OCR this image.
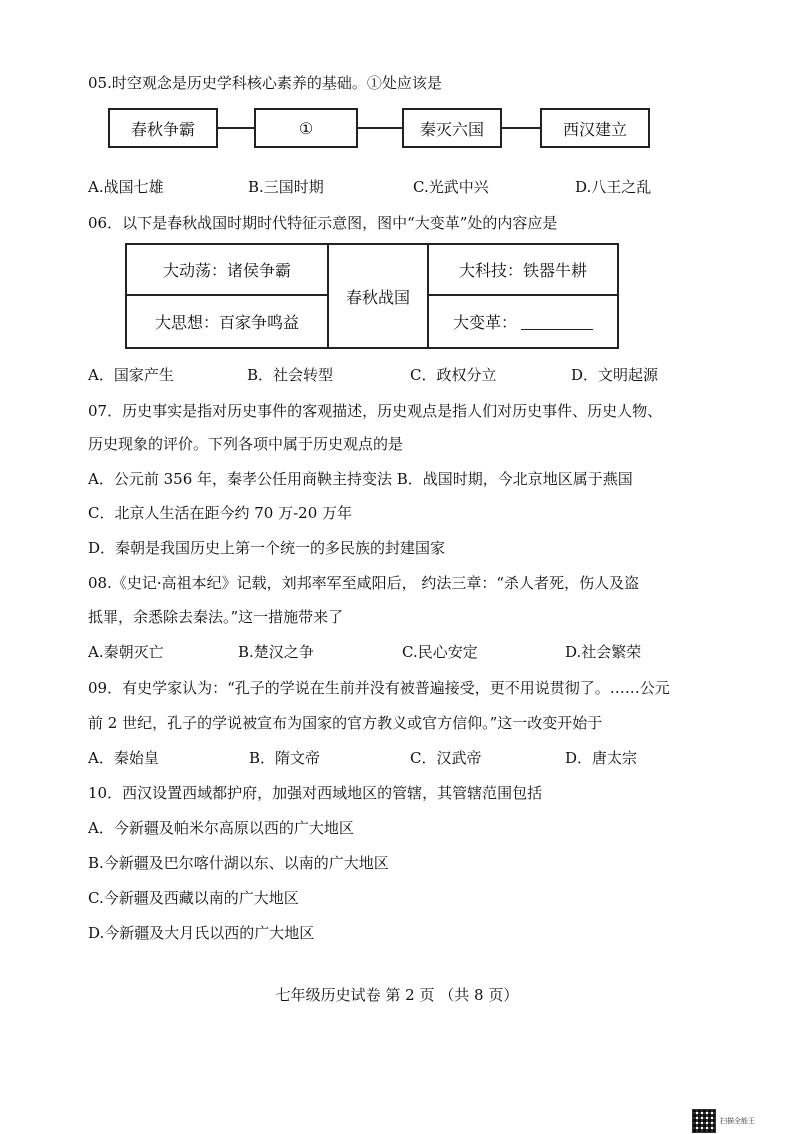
05.时空观念是历史学科核心素养的基础。①处应该是
春秋争霸	①	秦灭六国	西汉建立
A.战国七雄	B.三国时期	C.光武中兴	D.八王之乱
06．以下是春秋战国时期时代特征示意图，图中“大变革”处的内容应是
大动荡：诸侯争霸
大思想：百家争鸣益
春秋战国
大科技：铁器牛耕
大变革：
A．国家产生	B．社会转型	C．政权分立	D．文明起源
07．历史事实是指对历史事件的客观描述，历史观点是指人们对历史事件、历史人物、
历史现象的评价。下列各项中属于历史观点的是
A．公元前 356 年，秦孝公任用商鞅主持变法 B．战国时期，今北京地区属于燕国
C．北京人生活在距今约 70 万-20 万年
D．秦朝是我国历史上第一个统一的多民族的封建国家
08.《史记·高祖本纪》记载，刘邦率军至咸阳后， 约法三章：“杀人者死，伤人及盗
抵罪，余悉除去秦法。”这一措施带来了
A.秦朝灭亡	B.楚汉之争	C.民心安定	D.社会繁荣
09．有史学家认为：“孔子的学说在生前并没有被普遍接受，更不用说贯彻了。……公元
前 2 世纪，孔子的学说被宣布为国家的官方教义或官方信仰。”这一改变开始于
A．秦始皇	B．隋文帝	C．汉武帝	D．唐太宗
10．西汉设置西域都护府，加强对西域地区的管辖，其管辖范围包括
A．今新疆及帕米尔高原以西的广大地区
B.今新疆及巴尔喀什湖以东、以南的广大地区
C.今新疆及西藏以南的广大地区
D.今新疆及大月氏以西的广大地区
七年级历史试卷 第 2 页 （共 8 页）
扫描全能王
